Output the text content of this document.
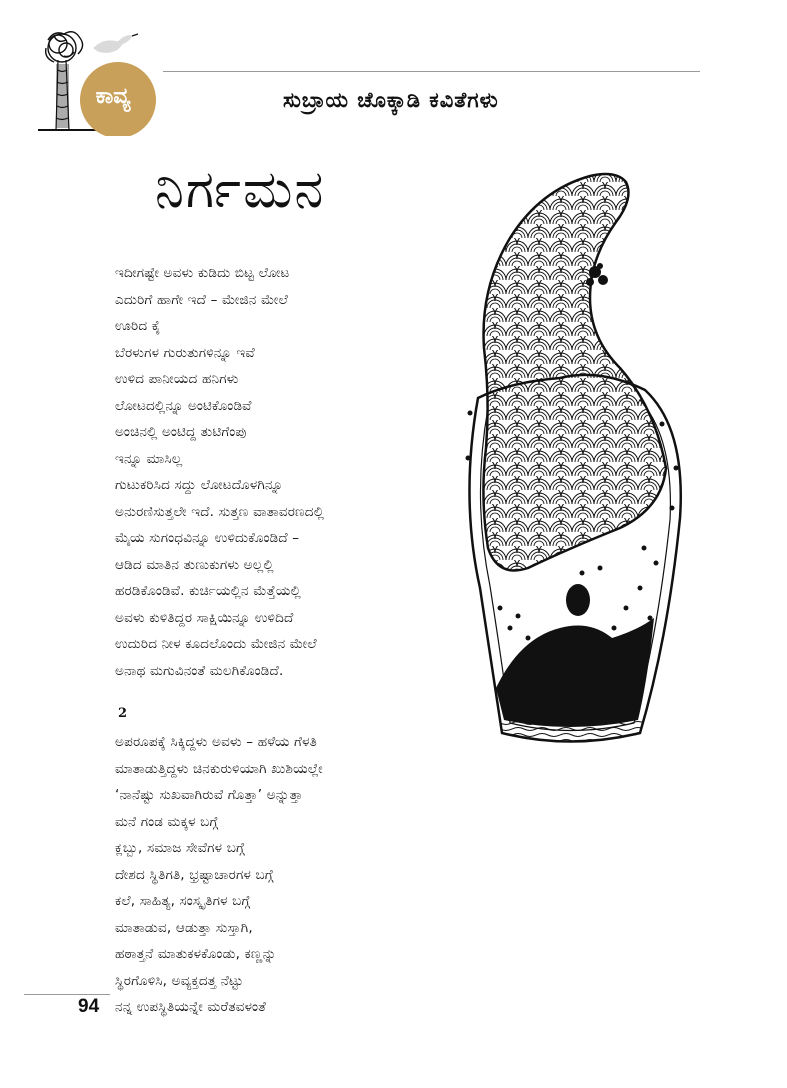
ಕಾವ್ಯ	ಸುಬ್ರಾಯ ಚೊಕ್ಕಾಡಿ ಕವಿತೆಗಳು
ನಿರ್ಗಮನ
ಇದೀಗಷ್ಟೇ ಅವಳು ಕುಡಿದು ಬಿಟ್ಟ ಲೋಟ
ಎದುರಿಗೆ ಹಾಗೇ ಇದೆ – ಮೇಜಿನ ಮೇಲೆ
ಊರಿದ ಕೈ
ಬೆರಳುಗಳ ಗುರುತುಗಳಿನ್ನೂ ಇವೆ
ಉಳಿದ ಪಾನೀಯದ ಹನಿಗಳು
ಲೋಟದಲ್ಲಿನ್ನೂ ಅಂಟಿಕೊಂಡಿವೆ
ಅಂಚಿನಲ್ಲಿ ಅಂಟಿದ್ದ ತುಟಿಗೆಂಪು
ಇನ್ನೂ ಮಾಸಿಲ್ಲ
ಗುಟುಕರಿಸಿದ ಸದ್ದು ಲೋಟದೊಳಗಿನ್ನೂ
ಅನುರಣಿಸುತ್ತಲೇ ಇದೆ. ಸುತ್ತಣ ವಾತಾವರಣದಲ್ಲಿ
ಮೈಯ ಸುಗಂಧವಿನ್ನೂ ಉಳಿದುಕೊಂಡಿದೆ –
ಆಡಿದ ಮಾತಿನ ತುಣುಕುಗಳು ಅಲ್ಲಲ್ಲಿ
ಹರಡಿಕೊಂಡಿವೆ. ಕುರ್ಚಿಯಲ್ಲಿನ ಮೆತ್ತೆಯಲ್ಲಿ
ಅವಳು ಕುಳಿತಿದ್ದರ ಸಾಕ್ಷಿಯಿನ್ನೂ ಉಳಿದಿದೆ
ಉದುರಿದ ನೀಳ ಕೂದಲೊಂದು ಮೇಜಿನ ಮೇಲೆ
ಅನಾಥ ಮಗುವಿನಂತೆ ಮಲಗಿಕೊಂಡಿದೆ.
2
ಅಪರೂಪಕ್ಕೆ ಸಿಕ್ಕಿದ್ದಳು ಅವಳು – ಹಳೆಯ ಗೆಳತಿ
ಮಾತಾಡುತ್ತಿದ್ದಳು ಚಿನಕುರುಳಿಯಾಗಿ ಖುಶಿಯಲ್ಲೇ
‘ನಾನೆಷ್ಟು ಸುಖವಾಗಿರುವೆ ಗೊತ್ತಾ’ ಅನ್ನುತ್ತಾ
ಮನೆ ಗಂಡ ಮಕ್ಕಳ ಬಗ್ಗೆ
ಕ್ಲಬ್ಬು, ಸಮಾಜ ಸೇವೆಗಳ ಬಗ್ಗೆ
ದೇಶದ ಸ್ಥಿತಿಗತಿ, ಭ್ರಷ್ಟಾಚಾರಗಳ ಬಗ್ಗೆ
ಕಲೆ, ಸಾಹಿತ್ಯ, ಸಂಸ್ಕೃತಿಗಳ ಬಗ್ಗೆ
ಮಾತಾಡುವ, ಆಡುತ್ತಾ ಸುಸ್ತಾಗಿ,
ಹಠಾತ್ತನೆ ಮಾತುಕಳಕೊಂಡು, ಕಣ್ಣನ್ನು
ಸ್ಥಿರಗೊಳಿಸಿ, ಅವ್ಯಕ್ತದತ್ತ ನೆಟ್ಟು
ನನ್ನ ಉಪಸ್ಥಿತಿಯನ್ನೇ ಮರೆತವಳಂತೆ
94
